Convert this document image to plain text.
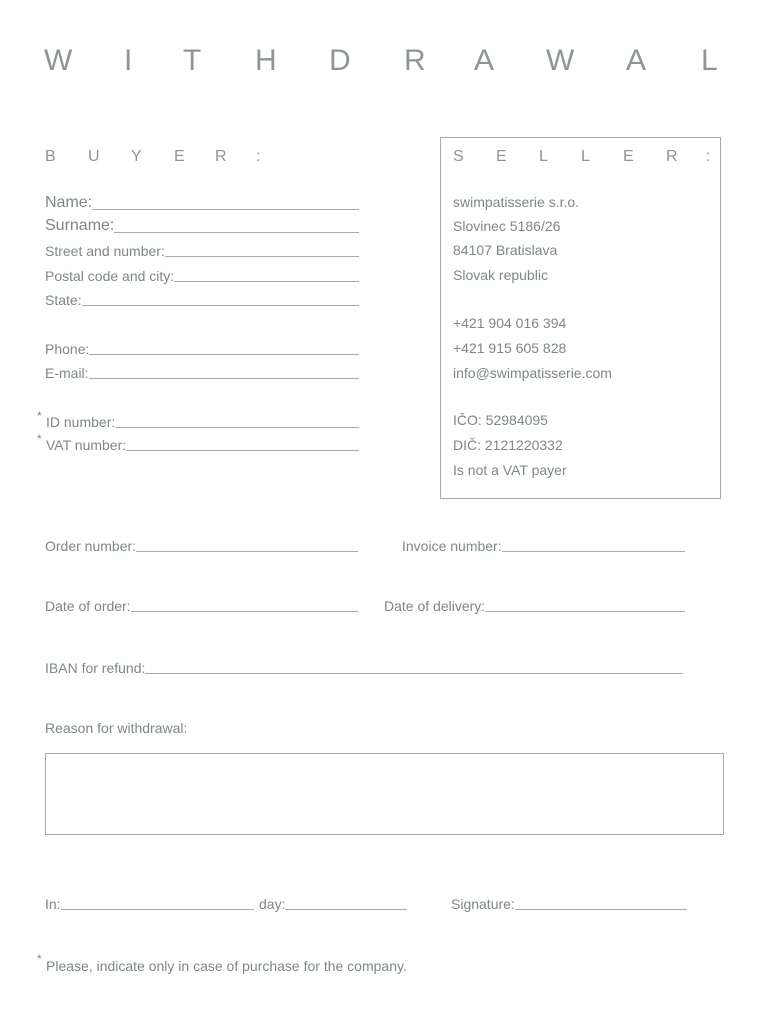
W I T H D R A W A L
B U Y E R :
Name:
Surname:
Street and number:
Postal code and city:
State:
Phone:
E-mail:
* ID number:
* VAT number:
S E L L E R :
swimpatisserie s.r.o.
Slovinec 5186/26
84107 Bratislava
Slovak republic
+421 904 016 394
+421 915 605 828
info@swimpatisserie.com
IČO: 52984095
DIČ: 2121220332
Is not a VAT payer
Order number:	Invoice number:
Date of order:	Date of delivery:
IBAN for refund:
Reason for withdrawal:
In:	day:	Signature:
* Please, indicate only in case of purchase for the company.
